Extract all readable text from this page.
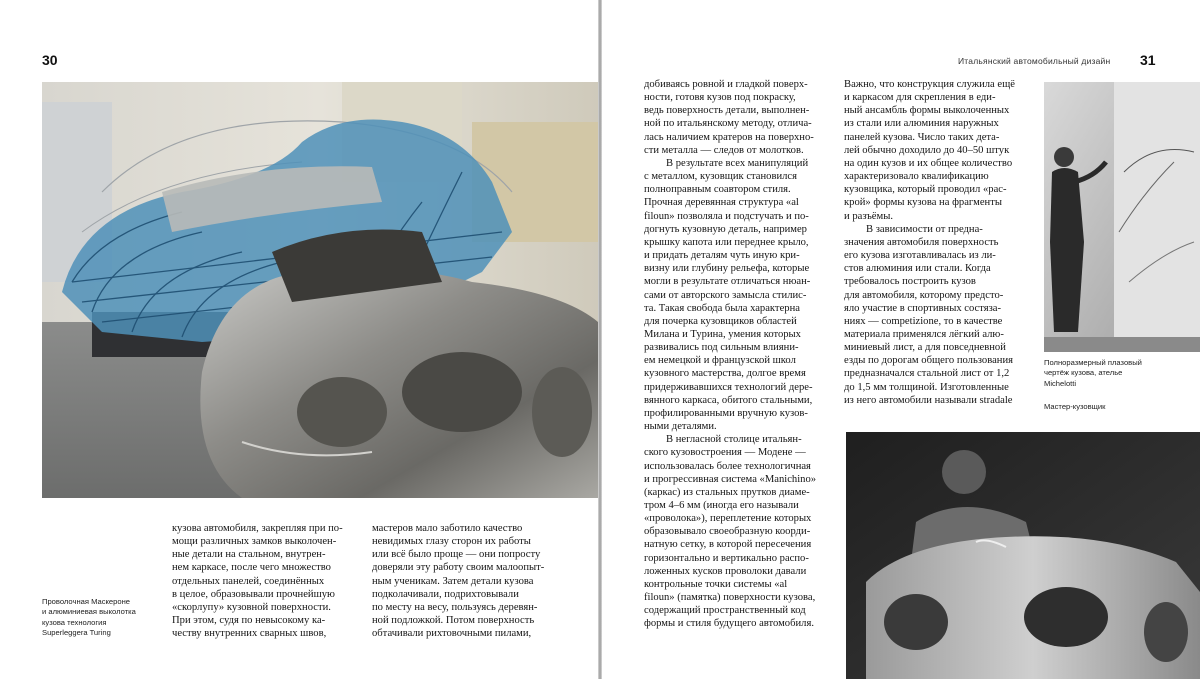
30

кузова автомобиля, закрепляя при по-

мощи различных замков выколочен-

ные детали на стальном, внутрен-

нем каркасе, после чего множество

отдельных панелей, соединённых

в целое, образовывали прочнейшую

«скорлупу» кузовной поверхности.

При этом, судя по невысокому ка-

честву внутренних сварных швов,

мастеров мало заботило качество

невидимых глазу сторон их работы

или всё было проще — они попросту

доверяли эту работу своим малоопыт-

ным ученикам. Затем детали кузова

подколачивали, подрихтовывали

по месту на весу, пользуясь деревян-

ной подложкой. Потом поверхность

обтачивали рихтовочными пилами,

Проволочная Маскероне
и алюминиевая выколотка
кузова технология
Superleggera Turing
Итальянский автомобильный дизайн 31

добиваясь ровной и гладкой поверх-

ности, готовя кузов под покраску,

ведь поверхность детали, выполнен-

ной по итальянскому методу, отлича-

лась наличием кратеров на поверхно-

сти металла — следов от молотков.

В результате всех манипуляций

с металлом, кузовщик становился

полноправным соавтором стиля.

Прочная деревянная структура «al

filoun» позволяла и подстучать и по-

догнуть кузовную деталь, например

крышку капота или переднее крыло,

и придать деталям чуть иную кри-

визну или глубину рельефа, которые

могли в результате отличаться нюан-

сами от авторского замысла стилис-

та. Такая свобода была характерна

для почерка кузовщиков областей

Милана и Турина, умения которых

развивались под сильным влияни-

ем немецкой и французской школ

кузовного мастерства, долгое время

придерживавшихся технологий дере-

вянного каркаса, обитого стальными,

профилированными вручную кузов-

ными деталями.

В негласной столице итальян-

ского кузовостроения — Модене —

использовалась более технологичная

и прогрессивная система «Manichino»

(каркас) из стальных прутков диаме-

тром 4–6 мм (иногда его называли

«проволока»), переплетение которых

образовывало своеобразную коорди-

натную сетку, в которой пересечения

горизонтально и вертикально распо-

ложенных кусков проволоки давали

контрольные точки системы «al

filoun» (памятка) поверхности кузова,

содержащий пространственный код

формы и стиля будущего автомобиля.

Важно, что конструкция служила ещё

и каркасом для скрепления в еди-

ный ансамбль формы выколоченных

из стали или алюминия наружных

панелей кузова. Число таких дета-

лей обычно доходило до 40–50 штук

на один кузов и их общее количество

характеризовало квалификацию

кузовщика, который проводил «рас-

крой» формы кузова на фрагменты

и разъёмы.

В зависимости от предна-

значения автомобиля поверхность

его кузова изготавливалась из ли-

стов алюминия или стали. Когда

требовалось построить кузов

для автомобиля, которому предсто-

яло участие в спортивных состяза-

ниях — competizione, то в качестве

материала применялся лёгкий алю-

миниевый лист, а для повседневной

езды по дорогам общего пользования

предназначался стальной лист от 1,2

до 1,5 мм толщиной. Изготовленные

из него автомобили называли stradale

Полноразмерный плазовый
чертёж кузова, ателье
Michelotti
Мастер-кузовщик
